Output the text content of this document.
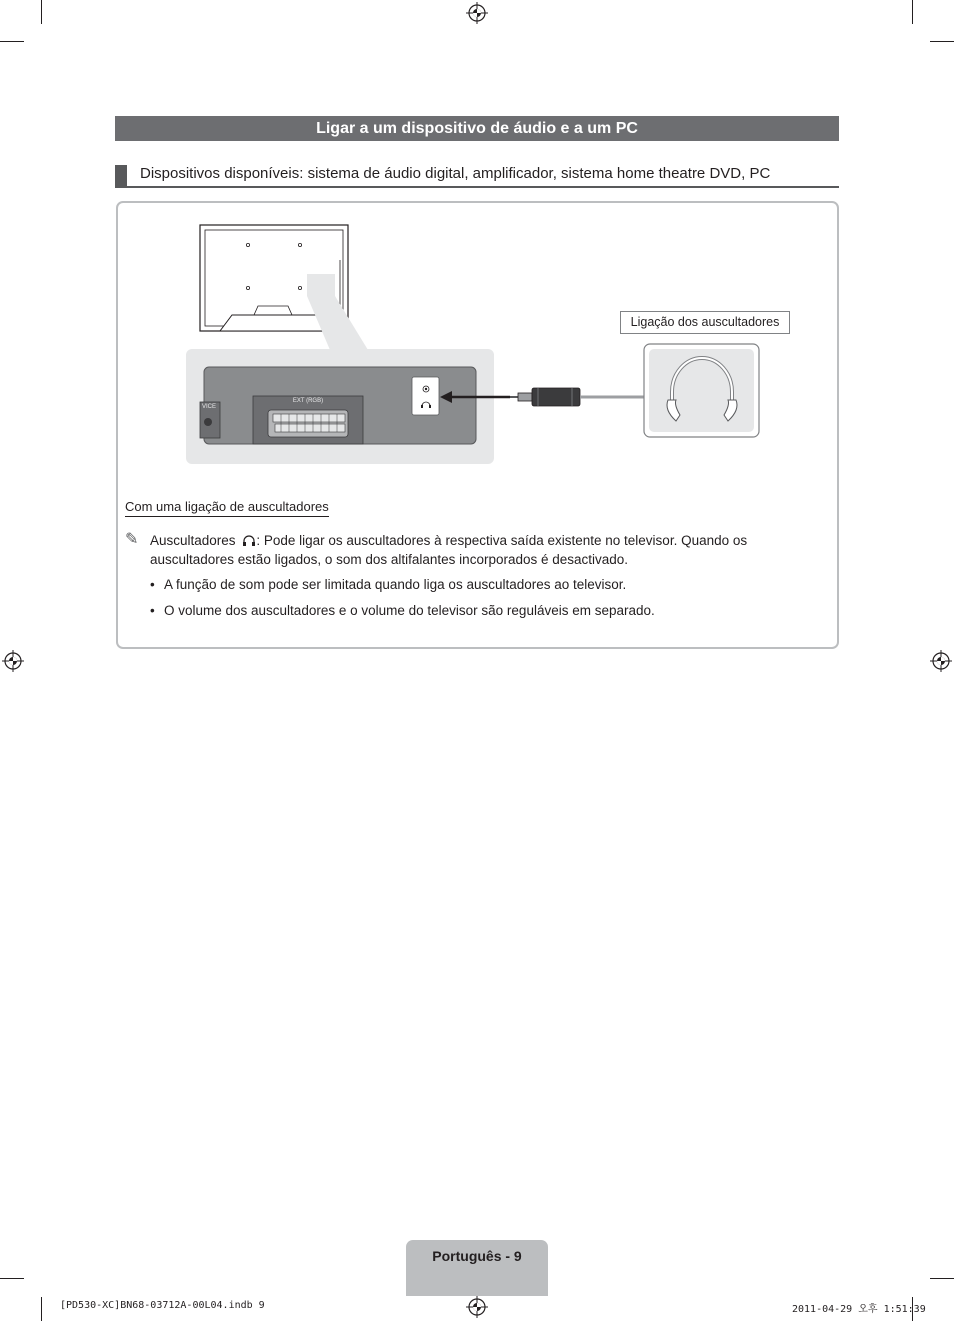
Ligar a um dispositivo de áudio e a um PC
Dispositivos disponíveis: sistema de áudio digital, amplificador, sistema home theatre DVD, PC
VICE
EXT (RGB)
Ligação dos auscultadores
Com uma ligação de auscultadores
✎ Auscultadores : Pode ligar os auscultadores à respectiva saída existente no televisor. Quando os auscultadores estão ligados, o som dos altifalantes incorporados é desactivado.
• A função de som pode ser limitada quando liga os auscultadores ao televisor.
• O volume dos auscultadores e o volume do televisor são reguláveis em separado.
Português - 9
[PD530-XC]BN68-03712A-00L04.indb 9	2011-04-29 오후 1:51:39
